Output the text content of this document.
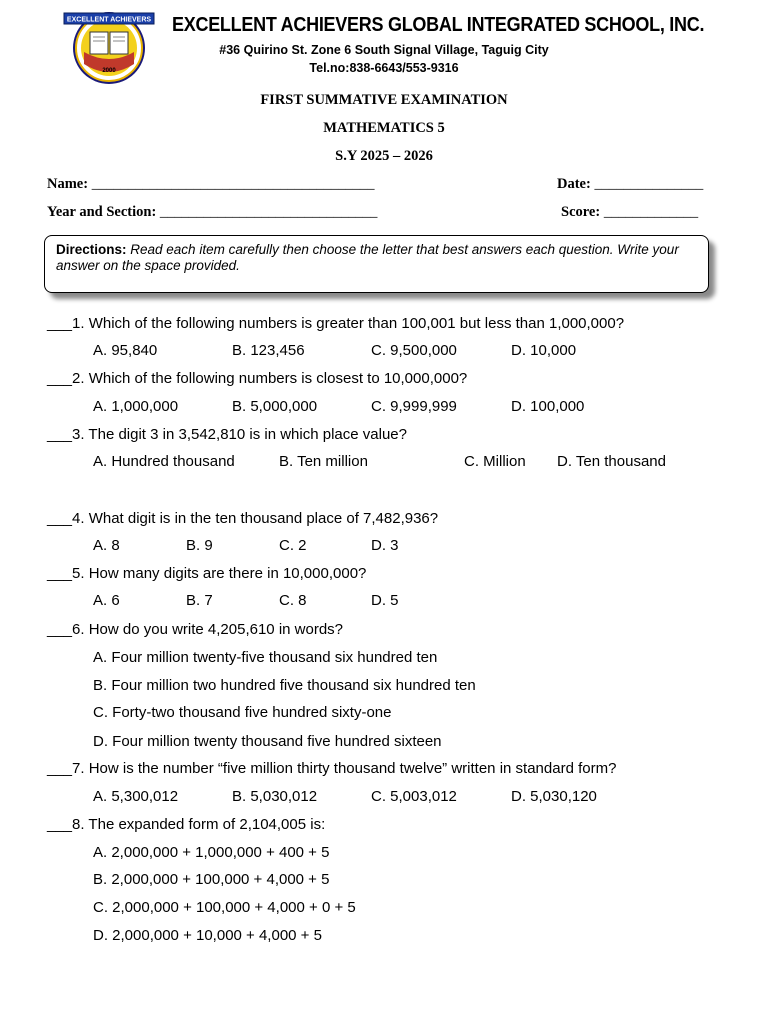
EXCELLENT ACHIEVERS
2000
EXCELLENT ACHIEVERS GLOBAL INTEGRATED SCHOOL, INC.
#36 Quirino St. Zone 6 South Signal Village, Taguig City
Tel.no:838-6643/553-9316
FIRST SUMMATIVE EXAMINATION
MATHEMATICS 5
S.Y 2025 – 2026
Name: _______________________________________	Date: _______________
Year and Section: ______________________________	Score: _____________
Directions: Read each item carefully then choose the letter that best answers each question. Write your answer on the space provided.
___1. Which of the following numbers is greater than 100,001 but less than 1,000,000?
A. 95,840	B. 123,456	C. 9,500,000	D. 10,000
___2. Which of the following numbers is closest to 10,000,000?
A. 1,000,000	B. 5,000,000	C. 9,999,999	D. 100,000
___3. The digit 3 in 3,542,810 is in which place value?
A. Hundred thousand	B. Ten million	C. Million D. Ten thousand
___4. What digit is in the ten thousand place of 7,482,936?
A. 8	B. 9	C. 2	D. 3
___5. How many digits are there in 10,000,000?
A. 6	B. 7	C. 8	D. 5
___6. How do you write 4,205,610 in words?
A. Four million twenty-five thousand six hundred ten
B. Four million two hundred five thousand six hundred ten
C. Forty-two thousand five hundred sixty-one
D. Four million twenty thousand five hundred sixteen
___7. How is the number “five million thirty thousand twelve” written in standard form?
A. 5,300,012	B. 5,030,012	C. 5,003,012	D. 5,030,120
___8. The expanded form of 2,104,005 is:
A. 2,000,000 + 1,000,000 + 400 + 5
B. 2,000,000 + 100,000 + 4,000 + 5
C. 2,000,000 + 100,000 + 4,000 + 0 + 5
D. 2,000,000 + 10,000 + 4,000 + 5
